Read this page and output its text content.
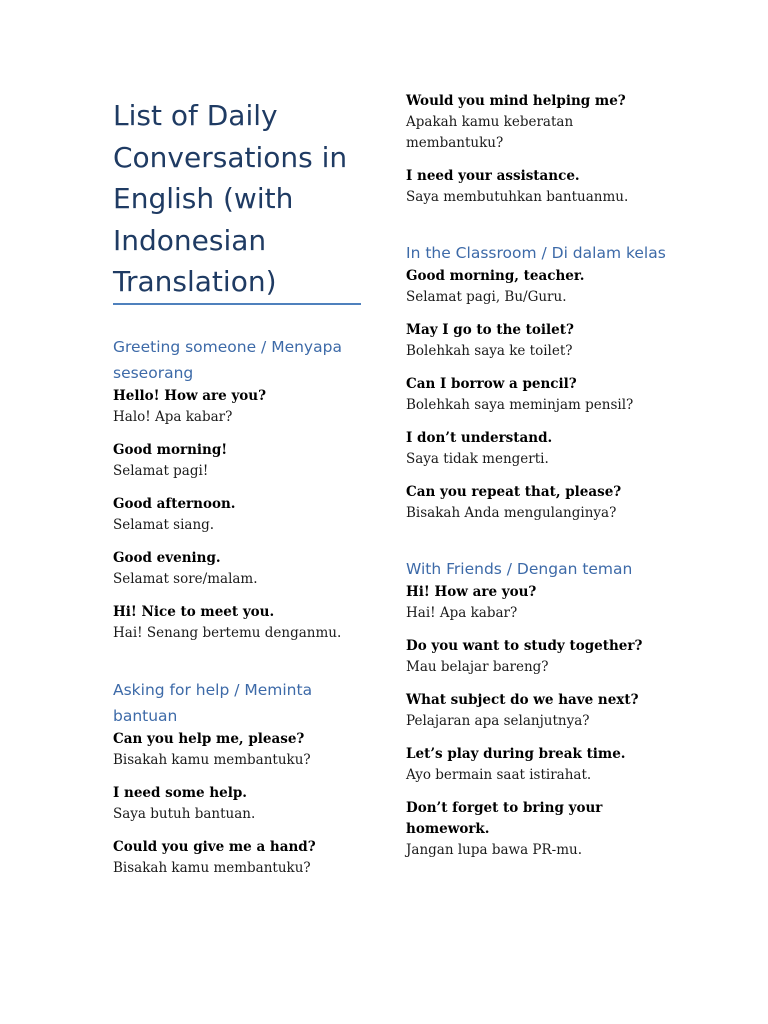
List of Daily Conversations in English (with Indonesian Translation)
Greeting someone / Menyapa seseorang
Hello! How are you?
Halo! Apa kabar?
Good morning!
Selamat pagi!
Good afternoon.
Selamat siang.
Good evening.
Selamat sore/malam.
Hi! Nice to meet you.
Hai! Senang bertemu denganmu.
Asking for help / Meminta bantuan
Can you help me, please?
Bisakah kamu membantuku?
I need some help.
Saya butuh bantuan.
Could you give me a hand?
Bisakah kamu membantuku?
Would you mind helping me?
Apakah kamu keberatan membantuku?
I need your assistance.
Saya membutuhkan bantuanmu.
In the Classroom / Di dalam kelas
Good morning, teacher.
Selamat pagi, Bu/Guru.
May I go to the toilet?
Bolehkah saya ke toilet?
Can I borrow a pencil?
Bolehkah saya meminjam pensil?
I don’t understand.
Saya tidak mengerti.
Can you repeat that, please?
Bisakah Anda mengulanginya?
With Friends / Dengan teman
Hi! How are you?
Hai! Apa kabar?
Do you want to study together?
Mau belajar bareng?
What subject do we have next?
Pelajaran apa selanjutnya?
Let’s play during break time.
Ayo bermain saat istirahat.
Don’t forget to bring your homework.
Jangan lupa bawa PR-mu.
